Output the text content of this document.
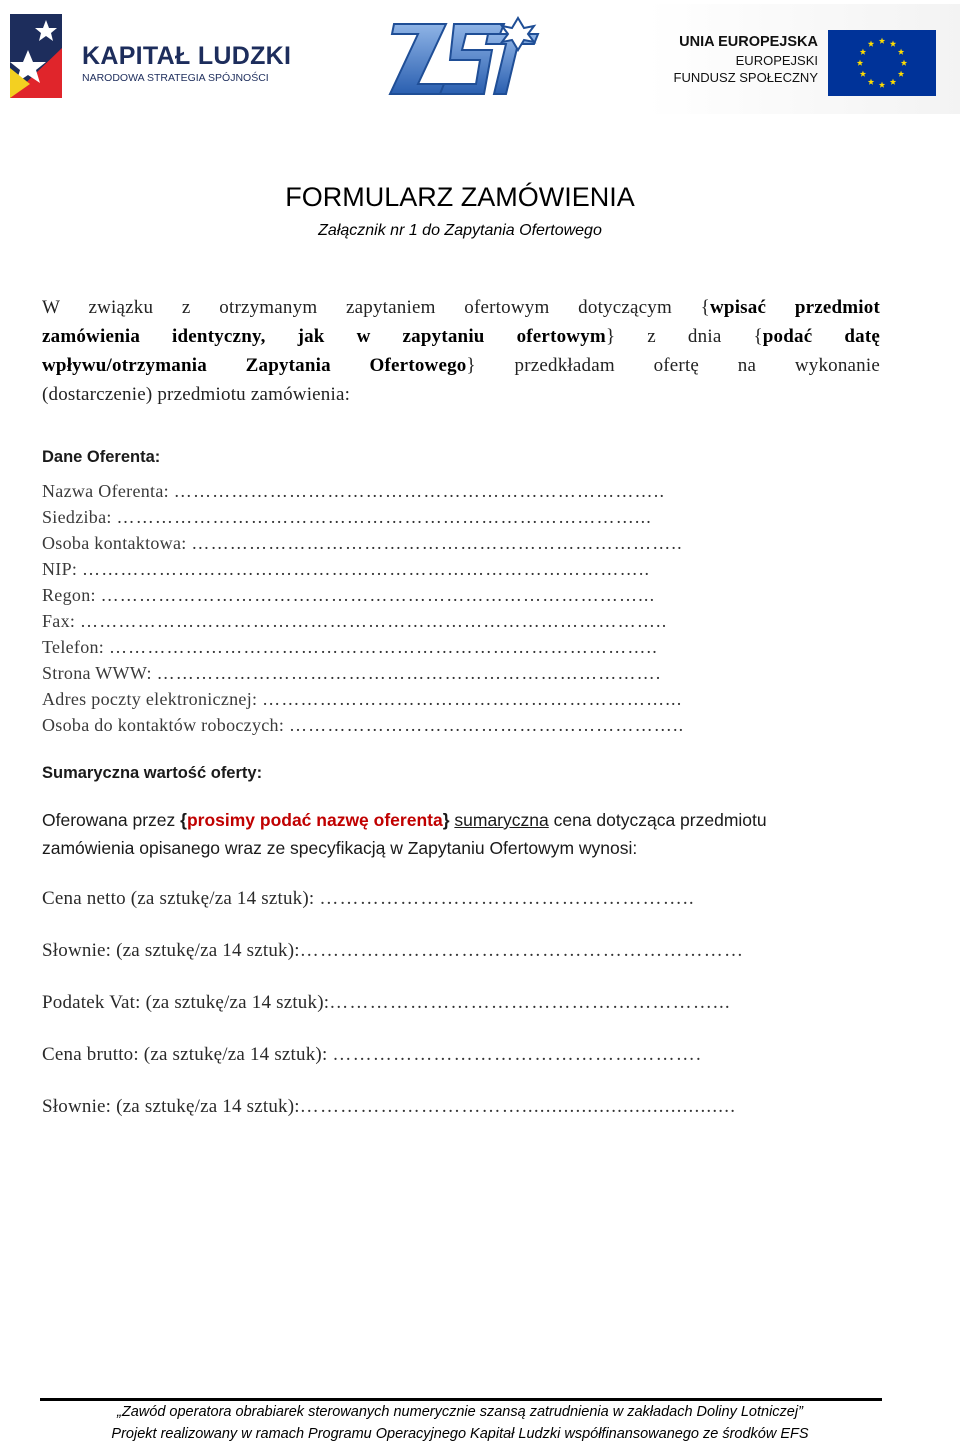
KAPITAŁ LUDZKI
NARODOWA STRATEGIA SPÓJNOŚCI
UNIA EUROPEJSKA
EUROPEJSKI
FUNDUSZ SPOŁECZNY
FORMULARZ ZAMÓWIENIA
Załącznik nr 1 do Zapytania Ofertowego
W związku z otrzymanym zapytaniem ofertowym dotyczącym {wpisać przedmiot
zamówienia identyczny, jak w zapytaniu ofertowym} z dnia {podać datę
wpływu/otrzymania Zapytania Ofertowego} przedkładam ofertę na wykonanie
(dostarczenie) przedmiotu zamówienia:
Dane Oferenta:
Nazwa Oferenta: …………………………………………………………………..
Siedziba: ………………………………………………………………………...
Osoba kontaktowa: …………………………………………………………………..
NIP: ……………………………………………………………………………..
Regon: …………………………………………………………………………...
Fax: ………………………………………………………………………………..
Telefon: …………………………………………………………………………..
Strona WWW: …………………………………………………………………….
Adres poczty elektronicznej: ………………………………………………………...
Osoba do kontaktów roboczych: ……………………………………………………..
Sumaryczna wartość oferty:
Oferowana przez {prosimy podać nazwę oferenta} sumaryczna cena dotycząca przedmiotu
zamówienia opisanego wraz ze specyfikacją w Zapytaniu Ofertowym wynosi:
Cena netto (za sztukę/za 14 sztuk): ………………………………………………..
Słownie: (za sztukę/za 14 sztuk):…………………………………………………………
Podatek Vat: (za sztukę/za 14 sztuk):…………………………………………………...
Cena brutto: (za sztukę/za 14 sztuk): ……………………………………………….
Słownie: (za sztukę/za 14 sztuk):……………………………....................................
„Zawód operatora obrabiarek sterowanych numerycznie szansą zatrudnienia w zakładach Doliny Lotniczej”
Projekt realizowany w ramach Programu Operacyjnego Kapitał Ludzki współfinansowanego ze środków EFS
